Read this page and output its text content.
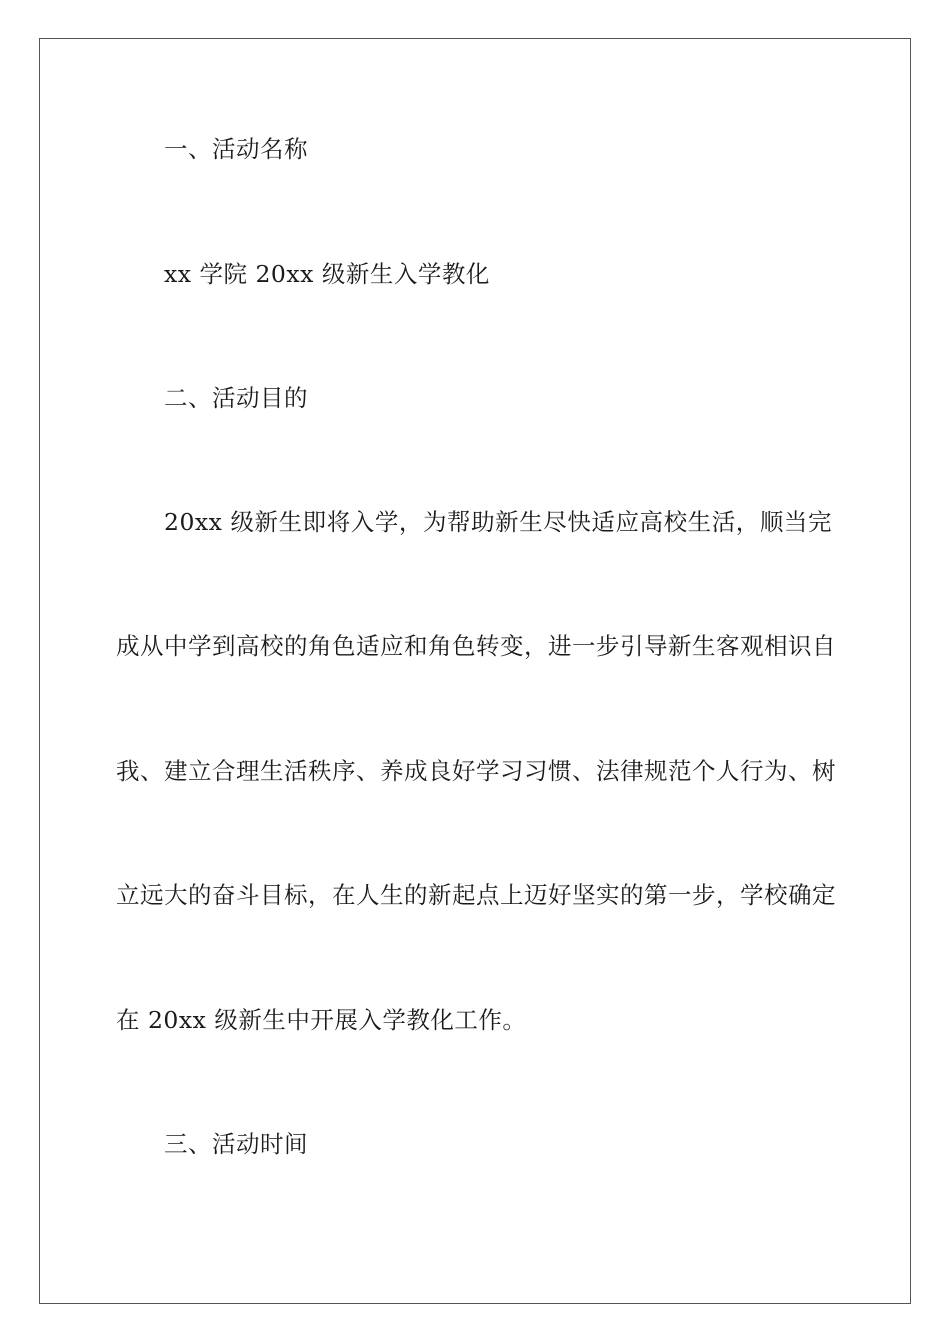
一、活动名称
xx 学院 20xx 级新生入学教化
二、活动目的
20xx 级新生即将入学，为帮助新生尽快适应高校生活，顺当完
成从中学到高校的角色适应和角色转变，进一步引导新生客观相识自
我、建立合理生活秩序、养成良好学习习惯、法律规范个人行为、树
立远大的奋斗目标，在人生的新起点上迈好坚实的第一步，学校确定
在 20xx 级新生中开展入学教化工作。
三、活动时间
